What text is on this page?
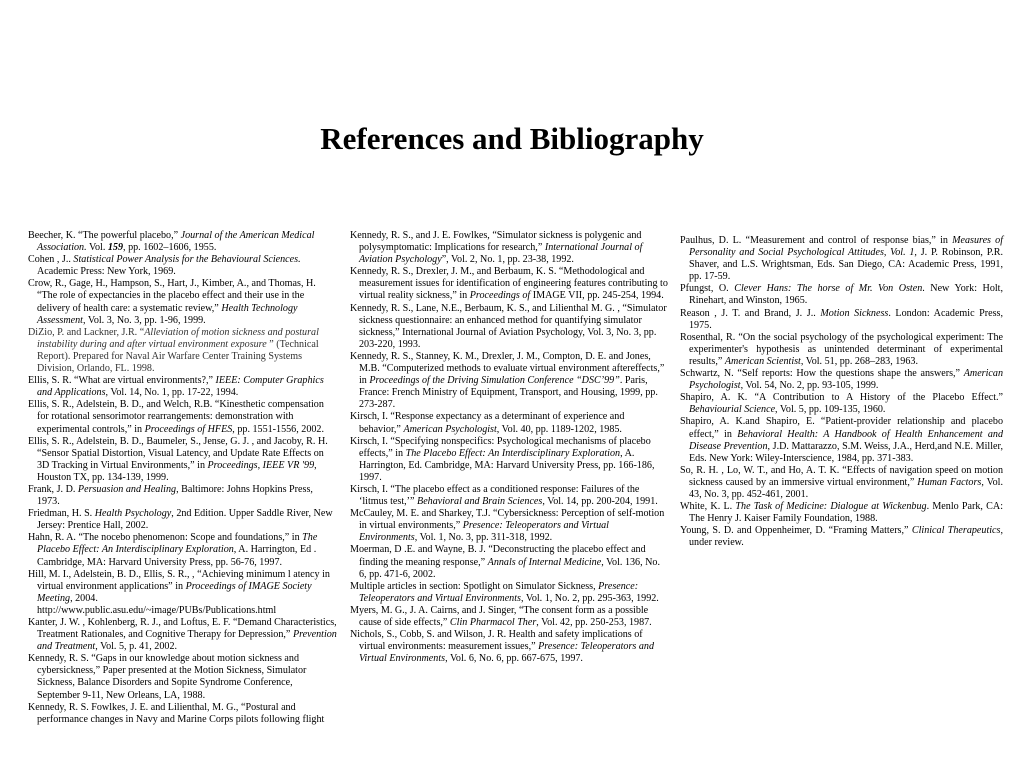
References and Bibliography

Beecher, K. “The powerful placebo,” Journal of the American Medical Association. Vol. 159, pp. 1602–1606, 1955.

Cohen , J.. Statistical Power Analysis for the Behavioural Sciences. Academic Press: New York, 1969.

Crow, R., Gage, H., Hampson, S., Hart, J., Kimber, A., and Thomas, H. “The role of expectancies in the placebo effect and their use in the delivery of health care: a systematic review,” Health Technology Assessment, Vol. 3, No. 3, pp. 1-96, 1999.

DiZio, P. and Lackner, J.R. “Alleviation of motion sickness and postural instability during and after virtual environment exposure ” (Technical Report). Prepared for Naval Air Warfare Center Training Systems Division, Orlando, FL. 1998.

Ellis, S. R. “What are virtual environments?,” IEEE: Computer Graphics and Applications, Vol. 14, No. 1, pp. 17-22, 1994.

Ellis, S. R., Adelstein, B. D., and Welch, R.B. “Kinesthetic compensation for rotational sensorimotor rearrangements: demonstration with experimental controls,” in Proceedings of HFES, pp. 1551-1556, 2002.

Ellis, S. R., Adelstein, B. D., Baumeler, S., Jense, G. J. , and Jacoby, R. H. “Sensor Spatial Distortion, Visual Latency, and Update Rate Effects on 3D Tracking in Virtual Environments,” in Proceedings, IEEE VR '99, Houston TX, pp. 134-139, 1999.

Frank, J. D. Persuasion and Healing, Baltimore: Johns Hopkins Press, 1973.

Friedman, H. S. Health Psychology, 2nd Edition. Upper Saddle River, New Jersey: Prentice Hall, 2002.

Hahn, R. A. “The nocebo phenomenon: Scope and foundations,” in The Placebo Effect: An Interdisciplinary Exploration, A. Harrington, Ed . Cambridge, MA: Harvard University Press, pp. 56-76, 1997.

Hill, M. I., Adelstein, B. D., Ellis, S. R., , “Achieving minimum l atency in virtual environment applications” in Proceedings of IMAGE Society Meeting, 2004. http://www.public.asu.edu/~image/PUBs/Publications.html

Kanter, J. W. , Kohlenberg, R. J., and Loftus, E. F. “Demand Characteristics, Treatment Rationales, and Cognitive Therapy for Depression,” Prevention and Treatment, Vol. 5, p. 41, 2002.

Kennedy, R. S. “Gaps in our knowledge about motion sickness and cybersickness,” Paper presented at the Motion Sickness, Simulator Sickness, Balance Disorders and Sopite Syndrome Conference, September 9-11, New Orleans, LA, 1988.

Kennedy, R. S. Fowlkes, J. E. and Lilienthal, M. G., “Postural and performance changes in Navy and Marine Corps pilots following flight

Kennedy, R. S., and J. E. Fowlkes, “Simulator sickness is polygenic and polysymptomatic: Implications for research,” International Journal of Aviation Psychology”, Vol. 2, No. 1, pp. 23-38, 1992.

Kennedy, R. S., Drexler, J. M., and Berbaum, K. S. “Methodological and measurement issues for identification of engineering features contributing to virtual reality sickness,” in Proceedings of IMAGE VII, pp. 245-254, 1994.

Kennedy, R. S., Lane, N.E., Berbaum, K. S., and Lilienthal M. G. , “Simulator sickness questionnaire: an enhanced method for quantifying simulator sickness,” International Journal of Aviation Psychology, Vol. 3, No. 3, pp. 203-220, 1993.

Kennedy, R. S., Stanney, K. M., Drexler, J. M., Compton, D. E. and Jones, M.B. “Computerized methods to evaluate virtual environment aftereffects,” in Proceedings of the Driving Simulation Conference “DSC’99”. Paris, France: French Ministry of Equipment, Transport, and Housing, 1999, pp. 273-287.

Kirsch, I. “Response expectancy as a determinant of experience and behavior,” American Psychologist, Vol. 40, pp. 1189-1202, 1985.

Kirsch, I. “Specifying nonspecifics: Psychological mechanisms of placebo effects,” in The Placebo Effect: An Interdisciplinary Exploration, A. Harrington, Ed. Cambridge, MA: Harvard University Press, pp. 166-186, 1997.

Kirsch, I. “The placebo effect as a conditioned response: Failures of the ‘litmus test,’” Behavioral and Brain Sciences, Vol. 14, pp. 200-204, 1991.

McCauley, M. E. and Sharkey, T.J. “Cybersickness: Perception of self-motion in virtual environments,” Presence: Teleoperators and Virtual Environments, Vol. 1, No. 3, pp. 311-318, 1992.

Moerman, D .E. and Wayne, B. J. “Deconstructing the placebo effect and finding the meaning response,” Annals of Internal Medicine, Vol. 136, No. 6, pp. 471-6, 2002.

Multiple articles in section: Spotlight on Simulator Sickness, Presence: Teleoperators and Virtual Environments, Vol. 1, No. 2, pp. 295-363, 1992.

Myers, M. G., J. A. Cairns, and J. Singer, “The consent form as a possible cause of side effects,” Clin Pharmacol Ther, Vol. 42, pp. 250-253, 1987.

Nichols, S., Cobb, S. and Wilson, J. R. Health and safety implications of virtual environments: measurement issues,” Presence: Teleoperators and Virtual Environments, Vol. 6, No. 6, pp. 667-675, 1997.

Paulhus, D. L. “Measurement and control of response bias,” in Measures of Personality and Social Psychological Attitudes, Vol. 1, J. P. Robinson, P.R. Shaver, and L.S. Wrightsman, Eds. San Diego, CA: Academic Press, 1991, pp. 17-59.

Pfungst, O. Clever Hans: The horse of Mr. Von Osten. New York: Holt, Rinehart, and Winston, 1965.

Reason , J. T. and Brand, J. J.. Motion Sickness. London: Academic Press, 1975.

Rosenthal, R. “On the social psychology of the psychological experiment: The experimenter's hypothesis as unintended determinant of experimental results,” American Scientist, Vol. 51, pp. 268–283, 1963.

Schwartz, N. “Self reports: How the questions shape the answers,” American Psychologist, Vol. 54, No. 2, pp. 93-105, 1999.

Shapiro, A. K. “A Contribution to A History of the Placebo Effect.” Behaviourial Science, Vol. 5, pp. 109-135, 1960.

Shapiro, A. K.and Shapiro, E. “Patient-provider relationship and placebo effect,” in Behavioral Health: A Handbook of Health Enhancement and Disease Prevention, J.D. Mattarazzo, S.M. Weiss, J.A., Herd,and N.E. Miller, Eds. New York: Wiley-Interscience, 1984, pp. 371-383.

So, R. H. , Lo, W. T., and Ho, A. T. K. “Effects of navigation speed on motion sickness caused by an immersive virtual environment,” Human Factors, Vol. 43, No. 3, pp. 452-461, 2001.

White, K. L. The Task of Medicine: Dialogue at Wickenbug. Menlo Park, CA: The Henry J. Kaiser Family Foundation, 1988.

Young, S. D. and Oppenheimer, D. “Framing Matters,” Clinical Therapeutics, under review.
